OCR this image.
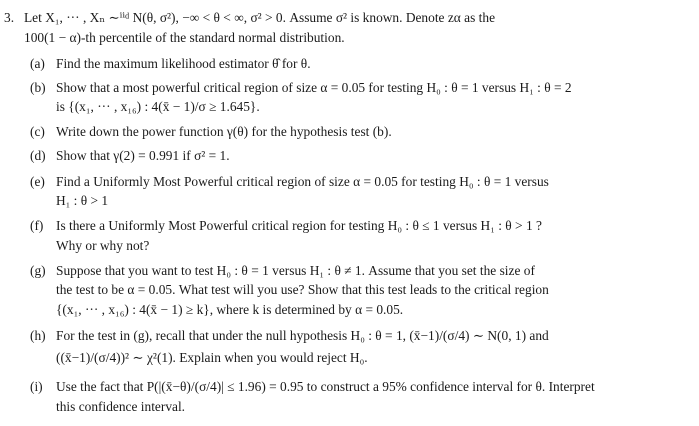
3. Let X₁, ··· , Xₙ ∼ⁱⁱᵈ N(θ, σ²), −∞ < θ < ∞, σ² > 0. Assume σ² is known. Denote zα as the
100(1 − α)-th percentile of the standard normal distribution.
(a) Find the maximum likelihood estimator θ̂ for θ.
(b) Show that a most powerful critical region of size α = 0.05 for testing H₀ : θ = 1 versus H₁ : θ = 2
is {(x₁, ··· , x₁₆) : 4(x̄ − 1)/σ ≥ 1.645}.
(c) Write down the power function γ(θ) for the hypothesis test (b).
(d) Show that γ(2) = 0.991 if σ² = 1.
(e) Find a Uniformly Most Powerful critical region of size α = 0.05 for testing H₀ : θ = 1 versus
H₁ : θ > 1
(f) Is there a Uniformly Most Powerful critical region for testing H₀ : θ ≤ 1 versus H₁ : θ > 1 ?
Why or why not?
(g) Suppose that you want to test H₀ : θ = 1 versus H₁ : θ ≠ 1. Assume that you set the size of
the test to be α = 0.05. What test will you use? Show that this test leads to the critical region
{(x₁, ··· , x₁₆) : 4(x̄ − 1) ≥ k}, where k is determined by α = 0.05.
(h) For the test in (g), recall that under the null hypothesis H₀ : θ = 1, (x̄−1)/(σ/4) ∼ N(0, 1) and
((x̄−1)/(σ/4))² ∼ χ²(1). Explain when you would reject H₀.
(i) Use the fact that P(|(x̄−θ)/(σ/4)| ≤ 1.96) = 0.95 to construct a 95% confidence interval for θ. Interpret
this confidence interval.
